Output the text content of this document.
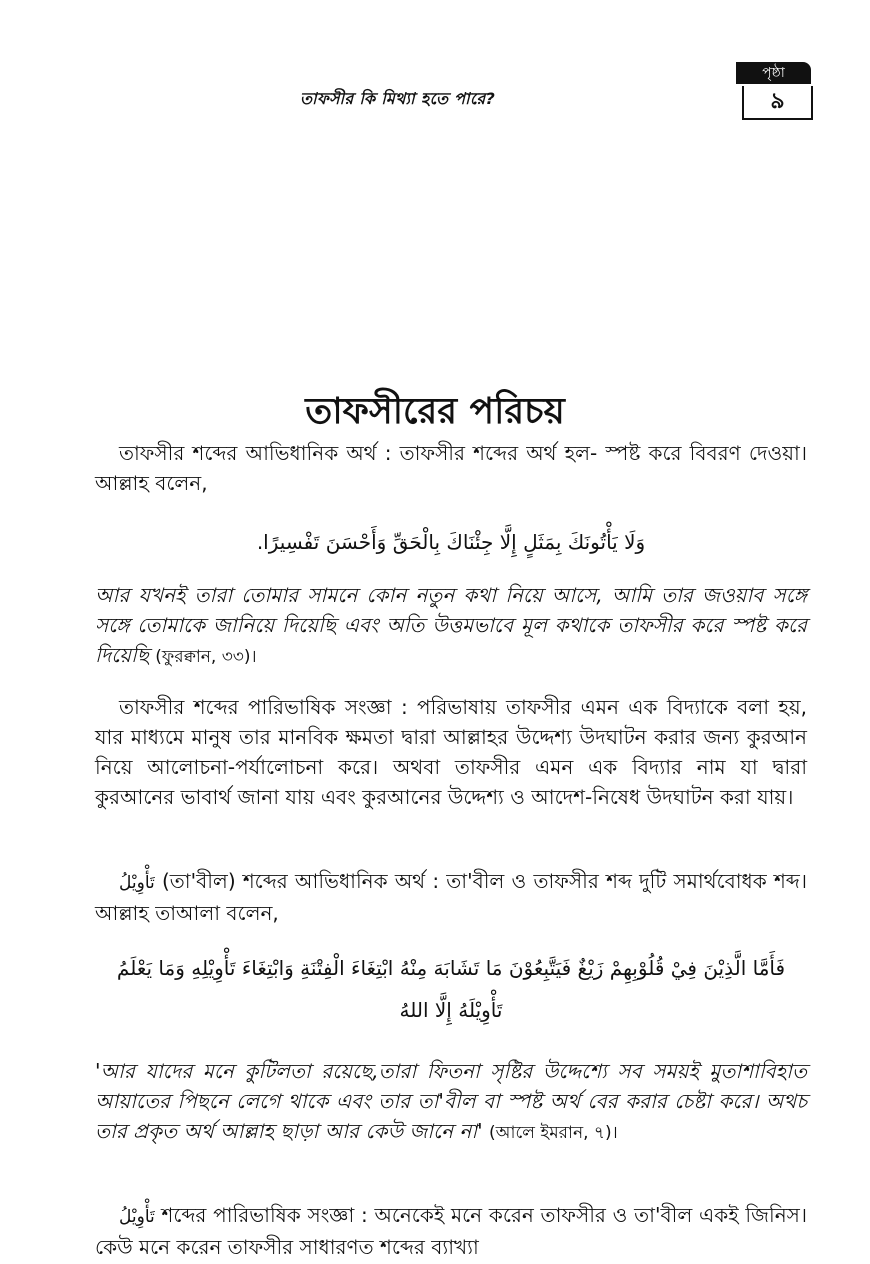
তাফসীর কি মিথ্যা হতে পারে?
পৃষ্ঠা
৯
তাফসীরের পরিচয়

তাফসীর শব্দের আভিধানিক অর্থ : তাফসীর শব্দের অর্থ হল- স্পষ্ট করে বিবরণ দেওয়া। আল্লাহ বলেন,

وَلَا يَأْتُونَكَ بِمَثَلٍ إِلَّا جِئْنَاكَ بِالْحَقِّ وَأَحْسَنَ تَفْسِيرًا.

আর যখনই তারা তোমার সামনে কোন নতুন কথা নিয়ে আসে, আমি তার জওয়াব সঙ্গে সঙ্গে তোমাকে জানিয়ে দিয়েছি এবং অতি উত্তমভাবে মূল কথাকে তাফসীর করে স্পষ্ট করে দিয়েছি (ফুরক্বান, ৩৩)।

তাফসীর শব্দের পারিভাষিক সংজ্ঞা : পরিভাষায় তাফসীর এমন এক বিদ্যাকে বলা হয়, যার মাধ্যমে মানুষ তার মানবিক ক্ষমতা দ্বারা আল্লাহর উদ্দেশ্য উদঘাটন করার জন্য কুরআন নিয়ে আলোচনা-পর্যালোচনা করে। অথবা তাফসীর এমন এক বিদ্যার নাম যা দ্বারা কুরআনের ভাবার্থ জানা যায় এবং কুরআনের উদ্দেশ্য ও আদেশ-নিষেধ উদঘাটন করা যায়।

تَأْوِيْلُ (তা'বীল) শব্দের আভিধানিক অর্থ : তা'বীল ও তাফসীর শব্দ দুটি সমার্থবোধক শব্দ। আল্লাহ তাআলা বলেন,

فَأَمَّا الَّذِيْنَ فِيْ قُلُوْبِهِمْ زَيْغٌ فَيَتَّبِعُوْنَ مَا تَشَابَهَ مِنْهُ ابْتِغَاءَ الْفِتْنَةِ وَابْتِغَاءَ تَأْوِيْلِهِ وَمَا يَعْلَمُ

تَأْوِيْلَهُ إِلَّا اللهُ

'আর যাদের মনে কুটিলতা রয়েছে,তারা ফিতনা সৃষ্টির উদ্দেশ্যে সব সময়ই মুতাশাবিহাত আয়াতের পিছনে লেগে থাকে এবং তার তা'বীল বা স্পষ্ট অর্থ বের করার চেষ্টা করে। অথচ তার প্রকৃত অর্থ আল্লাহ ছাড়া আর কেউ জানে না' (আলে ইমরান, ৭)।

تَأْوِيْلُ শব্দের পারিভাষিক সংজ্ঞা : অনেকেই মনে করেন তাফসীর ও তা'বীল একই জিনিস। কেউ মনে করেন তাফসীর সাধারণত শব্দের ব্যাখ্যা
